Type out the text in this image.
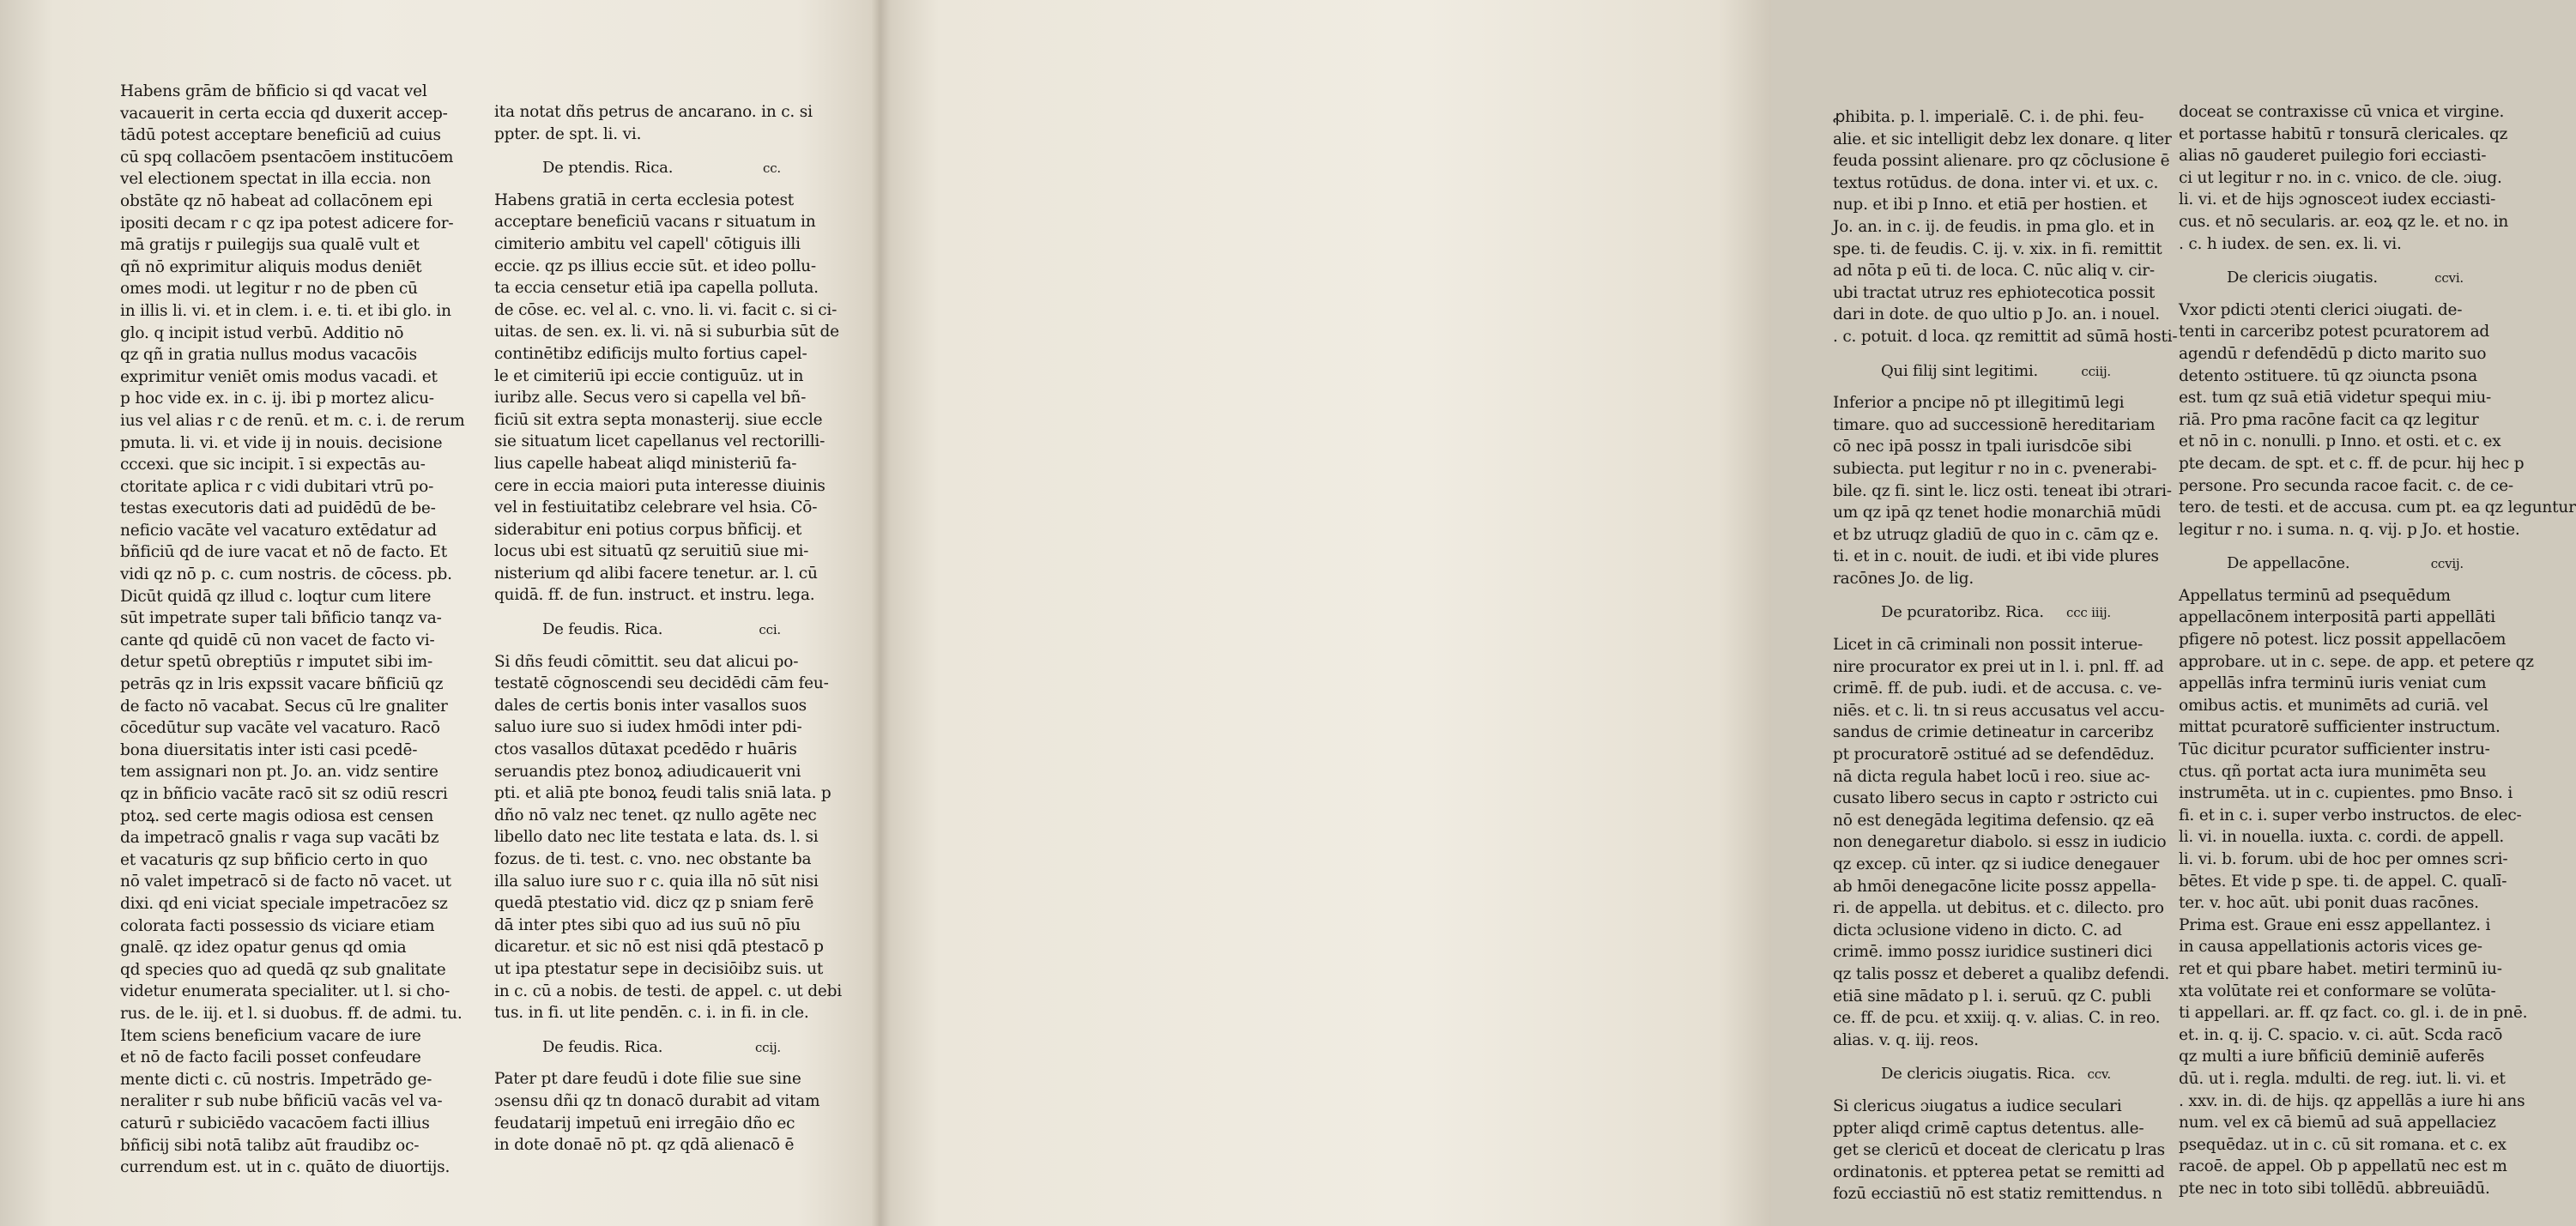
Habens grām de bñficio si qd vacat vel
vacauerit in certa eccia qd duxerit accep-
tādū potest acceptare beneficiū ad cuius
cū spq collacōem psentacōem institucōem
vel electionem spectat in illa eccia. non
obstāte qz nō habeat ad collacōnem epi
ipositi decam r c qz ipa potest adicere for-
mā gratijs r puilegijs sua qualē vult et
qñ nō exprimitur aliquis modus deniēt
omes modi. ut legitur r no de pben cū
in illis li. vi. et in clem. i. e. ti. et ibi glo. in
glo. q incipit istud verbū. Additio nō
qz qñ in gratia nullus modus vacacōis
exprimitur veniēt omis modus vacadi. et
p hoc vide ex. in c. ij. ibi p mortez alicu-
ius vel alias r c de renū. et m. c. i. de rerum
pmuta. li. vi. et vide ij in nouis. decisione
cccexi. que sic incipit. ī si expectās au-
ctoritate aplica r c vidi dubitari vtrū po-
testas executoris dati ad puidēdū de be-
neficio vacāte vel vacaturo extēdatur ad
bñficiū qd de iure vacat et nō de facto. Et
vidi qz nō p. c. cum nostris. de cōcess. pb.
Dicūt quidā qz illud c. loqtur cum litere
sūt impetrate super tali bñficio tanqz va-
cante qd quidē cū non vacet de facto vi-
detur spetū obreptiūs r imputet sibi im-
petrās qz in lris expssit vacare bñficiū qz
de facto nō vacabat. Secus cū lre gnaliter
cōcedūtur sup vacāte vel vacaturo. Racō
bona diuersitatis inter isti casi pcedē-
tem assignari non pt. Jo. an. vidz sentire
qz in bñficio vacāte racō sit sz odiū rescri
ptoꝝ. sed certe magis odiosa est censen
da impetracō gnalis r vaga sup vacāti bz
et vacaturis qz sup bñficio certo in quo
nō valet impetracō si de facto nō vacet. ut
dixi. qd eni viciat speciale impetracōez sz
colorata facti possessio ds viciare etiam
gnalē. qz idez opatur genus qd omia
qd species quo ad quedā qz sub gnalitate
videtur enumerata specialiter. ut l. si cho-
rus. de le. iij. et l. si duobus. ff. de admi. tu.
Item sciens beneficium vacare de iure
et nō de facto facili posset confeudare
mente dicti c. cū nostris. Impetrādo ge-
neraliter r sub nube bñficiū vacās vel va-
caturū r subiciēdo vacacōem facti illius
bñficij sibi notā talibz aūt fraudibz oc-
currendum est. ut in c. quāto de diuortijs.
ita notat dñs petrus de ancarano. in c. si
ppter. de spt. li. vi.
De ptendis. Rica.	cc.
Habens gratiā in certa ecclesia potest
acceptare beneficiū vacans r situatum in
cimiterio ambitu vel capell' cōtiguis illi
eccie. qz ps illius eccie sūt. et ideo pollu-
ta eccia censetur etiā ipa capella polluta.
de cōse. ec. vel al. c. vno. li. vi. facit c. si ci-
uitas. de sen. ex. li. vi. nā si suburbia sūt de
continētibz edificijs multo fortius capel-
le et cimiteriū ipi eccie contiguūz. ut in
iuribz alle. Secus vero si capella vel bñ-
ficiū sit extra septa monasterij. siue eccle
sie situatum licet capellanus vel rectorilli-
lius capelle habeat aliqd ministeriū fa-
cere in eccia maiori puta interesse diuinis
vel in festiuitatibz celebrare vel hsia. Cō-
siderabitur eni potius corpus bñficij. et
locus ubi est situatū qz seruitiū siue mi-
nisterium qd alibi facere tenetur. ar. l. cū
quidā. ff. de fun. instruct. et instru. lega.
De feudis. Rica.	cci.
Si dñs feudi cōmittit. seu dat alicui po-
testatē cōgnoscendi seu decidēdi cām feu-
dales de certis bonis inter vasallos suos
saluo iure suo si iudex hmōdi inter pdi-
ctos vasallos dūtaxat pcedēdo r huāris
seruandis ptez bonoꝝ adiudicauerit vni
pti. et aliā pte bonoꝝ feudi talis sniā lata. p
dño nō valz nec tenet. qz nullo agēte nec
libello dato nec lite testata e lata. ds. l. si
fozus. de ti. test. c. vno. nec obstante ba
illa saluo iure suo r c. quia illa nō sūt nisi
quedā ptestatio vid. dicz qz p sniam ferē
dā inter ptes sibi quo ad ius suū nō pīu
dicaretur. et sic nō est nisi qdā ptestacō p
ut ipa ptestatur sepe in decisiōibz suis. ut
in c. cū a nobis. de testi. de appel. c. ut debi
tus. in fi. ut lite pendēn. c. i. in fi. in cle.
De feudis. Rica.	ccij.
Pater pt dare feudū i dote filie sue sine
ɔsensu dñi qz tn donacō durabit ad vitam
feudatarij impetuū eni irregāio dño ec
in dote donaē nō pt. qz qdā alienacō ē
ꝓhibita. p. l. imperialē. C. i. de phi. feu-
alie. et sic intelligit debz lex donare. q liter
feuda possint alienare. pro qz cōclusione ē
textus rotūdus. de dona. inter vi. et ux. c.
nup. et ibi p Inno. et etiā per hostien. et
Jo. an. in c. ij. de feudis. in pma glo. et in
spe. ti. de feudis. C. ij. v. xix. in fi. remittit
ad nōta p eū ti. de loca. C. nūc aliq v. cir-
ubi tractat utruz res ephiotecotica possit
dari in dote. de quo ultio p Jo. an. i nouel.
. c. potuit. d loca. qz remittit ad sūmā hosti-
Qui filij sint legitimi.	cciij.
Inferior a pncipe nō pt illegitimū legi
timare. quo ad successionē hereditariam
cō nec ipā possz in tpali iurisdcōe sibi
subiecta. put legitur r no in c. pvenerabi-
bile. qz fi. sint le. licz osti. teneat ibi ɔtrari-
um qz ipā qz tenet hodie monarchiā mūdi
et bz utruqz gladiū de quo in c. cām qz e.
ti. et in c. nouit. de iudi. et ibi vide plures
racōnes Jo. de lig.
De pcuratoribz. Rica. ccc iiij.
Licet in cā criminali non possit interue-
nire procurator ex prei ut in l. i. pnl. ff. ad
crimē. ff. de pub. iudi. et de accusa. c. ve-
niēs. et c. li. tn si reus accusatus vel accu-
sandus de crimie detineatur in carceribz
pt procuratorē ɔstitué ad se defendēduz.
nā dicta regula habet locū i reo. siue ac-
cusato libero secus in capto r ɔstricto cui
nō est denegāda legitima defensio. qz eā
non denegaretur diabolo. si essz in iudicio
qz excep. cū inter. qz si iudice denegauer
ab hmōi denegacōne licite possz appella-
ri. de appella. ut debitus. et c. dilecto. pro
dicta ɔclusione videno in dicto. C. ad
crimē. immo possz iuridice sustineri dici
qz talis possz et deberet a qualibz defendi.
etiā sine mādato p l. i. seruū. qz C. publi
ce. ff. de pcu. et xxiij. q. v. alias. C. in reo.
alias. v. q. iij. reos.
De clericis ɔiugatis. Rica. ccv.
Si clericus ɔiugatus a iudice seculari
ppter aliqd crimē captus detentus. alle-
get se clericū et doceat de clericatu p lras
ordinatonis. et ppterea petat se remitti ad
fozū ecciastiū nō est statiz remittendus. n
doceat se contraxisse cū vnica et virgine.
et portasse habitū r tonsurā clericales. qz
alias nō gauderet puilegio fori ecciasti-
ci ut legitur r no. in c. vnico. de cle. ɔiug.
li. vi. et de hijs ɔgnosceɔt iudex ecciasti-
cus. et nō secularis. ar. eoꝝ qz le. et no. in
. c. h iudex. de sen. ex. li. vi.
De clericis ɔiugatis.	ccvi.
Vxor pdicti ɔtenti clerici ɔiugati. de-
tenti in carceribz potest pcuratorem ad
agendū r defendēdū p dicto marito suo
detento ɔstituere. tū qz ɔiuncta psona
est. tum qz suā etiā videtur spequi miu-
riā. Pro pma racōne facit ca qz legitur
et nō in c. nonulli. p Inno. et osti. et c. ex
pte decam. de spt. et c. ff. de pcur. hij hec p
persone. Pro secunda racoe facit. c. de ce-
tero. de testi. et de accusa. cum pt. ea qz leguntur
legitur r no. i suma. n. q. vij. p Jo. et hostie.
De appellacōne.	ccvij.
Appellatus terminū ad psequēdum
appellacōnem interpositā parti appellāti
pfigere nō potest. licz possit appellacōem
approbare. ut in c. sepe. de app. et petere qz
appellās infra terminū iuris veniat cum
omibus actis. et munimēts ad curiā. vel
mittat pcuratorē sufficienter instructum.
Tūc dicitur pcurator sufficienter instru-
ctus. qñ portat acta iura munimēta seu
instrumēta. ut in c. cupientes. pmo Bnso. i
fi. et in c. i. super verbo instructos. de elec-
li. vi. in nouella. iuxta. c. cordi. de appell.
li. vi. b. forum. ubi de hoc per omnes scri-
bētes. Et vide p spe. ti. de appel. C. qualī-
ter. v. hoc aūt. ubi ponit duas racōnes.
Prima est. Graue eni essz appellantez. i
in causa appellationis actoris vices ge-
ret et qui pbare habet. metiri terminū iu-
xta volūtate rei et conformare se volūta-
ti appellari. ar. ff. qz fact. co. gl. i. de in pnē.
et. in. q. ij. C. spacio. v. ci. aūt. Scda racō
qz multi a iure bñficiū deminiē auferēs
dū. ut i. regla. mdulti. de reg. iut. li. vi. et
. xxv. in. di. de hijs. qz appellās a iure hi ans
num. vel ex cā biemū ad suā appellaciez
psequēdaz. ut in c. cū sit romana. et c. ex
racoē. de appel. Ob p appellatū nec est m
pte nec in toto sibi tollēdū. abbreuiādū.
